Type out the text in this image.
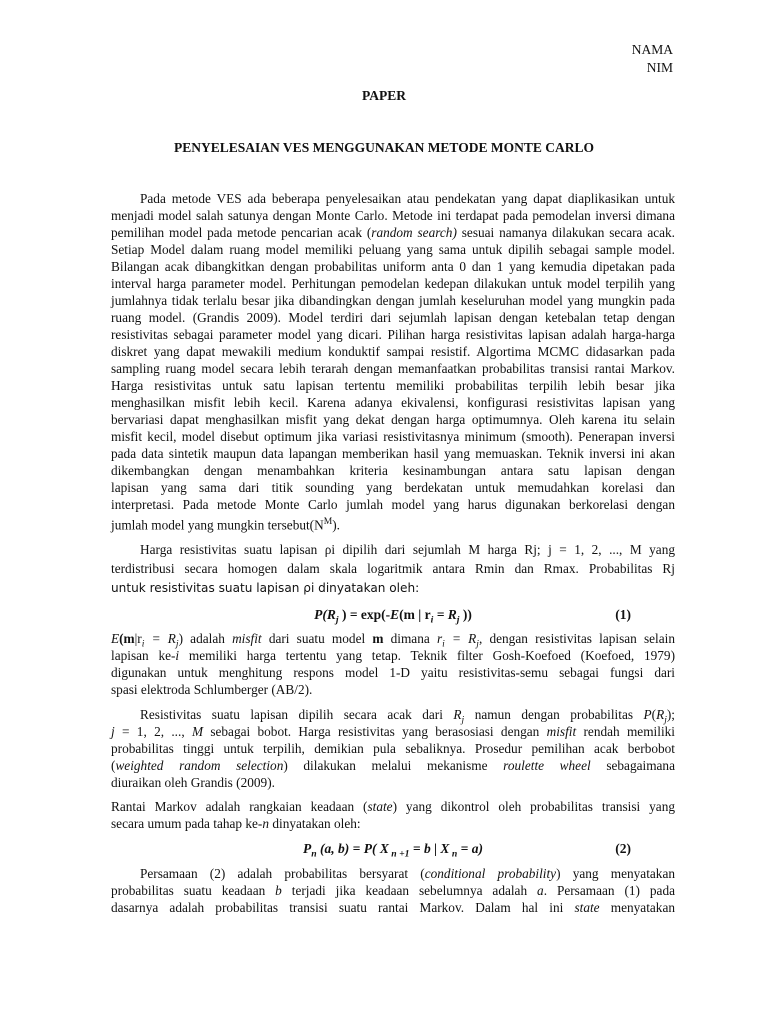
NAMA
NIM
PAPER
PENYELESAIAN VES MENGGUNAKAN METODE MONTE CARLO
Pada metode VES ada beberapa penyelesaikan atau pendekatan yang dapat diaplikasikan untuk
menjadi model salah satunya dengan Monte Carlo. Metode ini terdapat pada pemodelan inversi dimana
pemilihan model pada metode pencarian acak (random search) sesuai namanya dilakukan secara acak.
Setiap Model dalam ruang model memiliki peluang yang sama untuk dipilih sebagai sample model.
Bilangan acak dibangkitkan dengan probabilitas uniform anta 0 dan 1 yang kemudia dipetakan pada
interval harga parameter model. Perhitungan pemodelan kedepan dilakukan untuk model terpilih yang
jumlahnya tidak terlalu besar jika dibandingkan dengan jumlah keseluruhan model yang mungkin pada
ruang model. (Grandis 2009). Model terdiri dari sejumlah lapisan dengan ketebalan tetap dengan
resistivitas sebagai parameter model yang dicari. Pilihan harga resistivitas lapisan adalah harga-harga
diskret yang dapat mewakili medium konduktif sampai resistif. Algortima MCMC didasarkan pada
sampling ruang model secara lebih terarah dengan memanfaatkan probabilitas transisi rantai Markov.
Harga resistivitas untuk satu lapisan tertentu memiliki probabilitas terpilih lebih besar jika
menghasilkan misfit lebih kecil. Karena adanya ekivalensi, konfigurasi resistivitas lapisan yang
bervariasi dapat menghasilkan misfit yang dekat dengan harga optimumnya. Oleh karena itu selain
misfit kecil, model disebut optimum jika variasi resistivitasnya minimum (smooth). Penerapan inversi
pada data sintetik maupun data lapangan memberikan hasil yang memuaskan. Teknik inversi ini akan
dikembangkan dengan menambahkan kriteria kesinambungan antara satu lapisan dengan
lapisan yang sama dari titik sounding yang berdekatan untuk memudahkan korelasi dan
interpretasi. Pada metode Monte Carlo jumlah model yang harus digunakan berkorelasi dengan
jumlah model yang mungkin $tersebut(N^M)$.
Harga resistivitas suatu lapisan ρi dipilih dari sejumlah M harga Rj; j = 1, 2, ..., M yang
terdistribusi secara homogen dalam skala logaritmik antara Rmin dan Rmax. Probabilitas Rj
untuk resistivitas suatu lapisan ρi dinyatakan oleh:
$P(R_j$ ) = exp(-E(m | $r_i = R_j$ ))	(1)
$E(m|r_i = R_j)$ adalah misfit dari suatu model m dimana $r_i = R_j$, dengan resistivitas lapisan selain
lapisan ke-i memiliki harga tertentu yang tetap. Teknik filter Gosh-Koefoed (Koefoed, 1979)
digunakan untuk menghitung respons model 1-D yaitu resistivitas-semu sebagai fungsi dari
spasi elektroda Schlumberger (AB/2).
Resistivitas suatu lapisan dipilih secara acak dari $R_j$ namun dengan probabilitas $P(R_j)$;
j = 1, 2, ..., M sebagai bobot. Harga resistivitas yang berasosiasi dengan misfit rendah memiliki
probabilitas tinggi untuk terpilih, demikian pula sebaliknya. Prosedur pemilihan acak berbobot
(weighted random selection) dilakukan melalui mekanisme roulette wheel sebagaimana
diuraikan oleh Grandis (2009).
Rantai Markov adalah rangkaian keadaan (state) yang dikontrol oleh probabilitas transisi yang
secara umum pada tahap ke-n dinyatakan oleh:
$P_n$ (a, b) = P( X $_{n +1}$ = b | X $_n$ = a)	(2)
Persamaan (2) adalah probabilitas bersyarat (conditional probability) yang menyatakan
probabilitas suatu keadaan b terjadi jika keadaan sebelumnya adalah a. Persamaan (1) pada
dasarnya adalah probabilitas transisi suatu rantai Markov. Dalam hal ini state menyatakan
